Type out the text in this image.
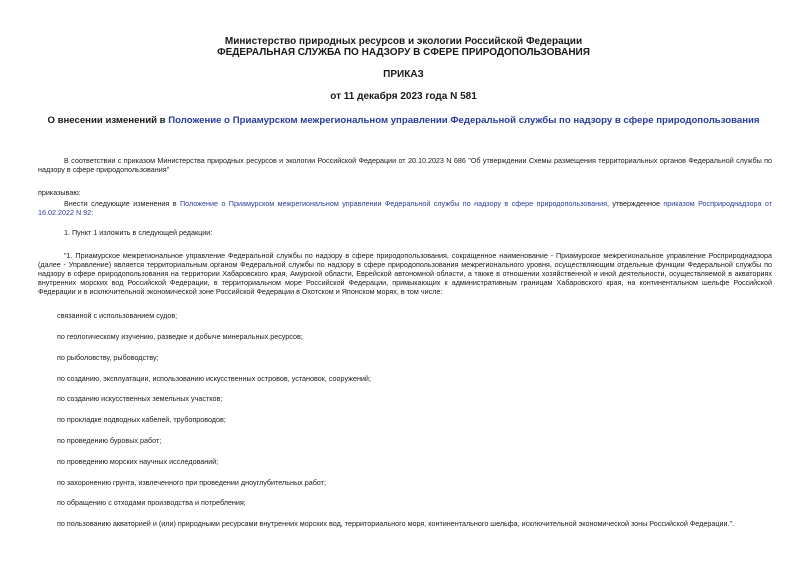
Министерство природных ресурсов и экологии Российской Федерации
ФЕДЕРАЛЬНАЯ СЛУЖБА ПО НАДЗОРУ В СФЕРЕ ПРИРОДОПОЛЬЗОВАНИЯ
ПРИКАЗ
от 11 декабря 2023 года N 581
О внесении изменений в Положение о Приамурском межрегиональном управлении Федеральной службы по надзору в сфере природопользования
В соответствии с приказом Министерства природных ресурсов и экологии Российской Федерации от 20.10.2023 N 686 "Об утверждении Схемы размещения территориальных органов Федеральной службы по надзору в сфере природопользования"
приказываю:
Внести следующие изменения в Положение о Приамурском межрегиональном управлении Федеральной службы по надзору в сфере природопользования, утвержденное приказом Росприроднадзора от 16.02.2022 N 92:
1. Пункт 1 изложить в следующей редакции:
"1. Приамурское межрегиональное управление Федеральной службы по надзору в сфере природопользования, сокращенное наименование - Приамурское межрегиональное управление Росприроднадзора (далее - Управление) является территориальным органом Федеральной службы по надзору в сфере природопользования межрегионального уровня, осуществляющим отдельные функции Федеральной службы по надзору в сфере природопользования на территории Хабаровского края, Амурской области, Еврейской автономной области, а также в отношении хозяйственной и иной деятельности, осуществляемой в акваториях внутренних морских вод Российской Федерации, в территориальном море Российской Федерации, примыкающих к административным границам Хабаровского края, на континентальном шельфе Российской Федерации и в исключительной экономической зоне Российской Федерации в Охотском и Японском морях, в том числе:
связанной с использованием судов;
по геологическому изучению, разведке и добыче минеральных ресурсов;
по рыболовству, рыбоводству;
по созданию, эксплуатации, использованию искусственных островов, установок, сооружений;
по созданию искусственных земельных участков;
по прокладке подводных кабелей, трубопроводов;
по проведению буровых работ;
по проведению морских научных исследований;
по захоронению грунта, извлеченного при проведении дноуглубительных работ;
по обращению с отходами производства и потребления;
по пользованию акваторией и (или) природными ресурсами внутренних морских вод, территориального моря, континентального шельфа, исключительной экономической зоны Российской Федерации.".
